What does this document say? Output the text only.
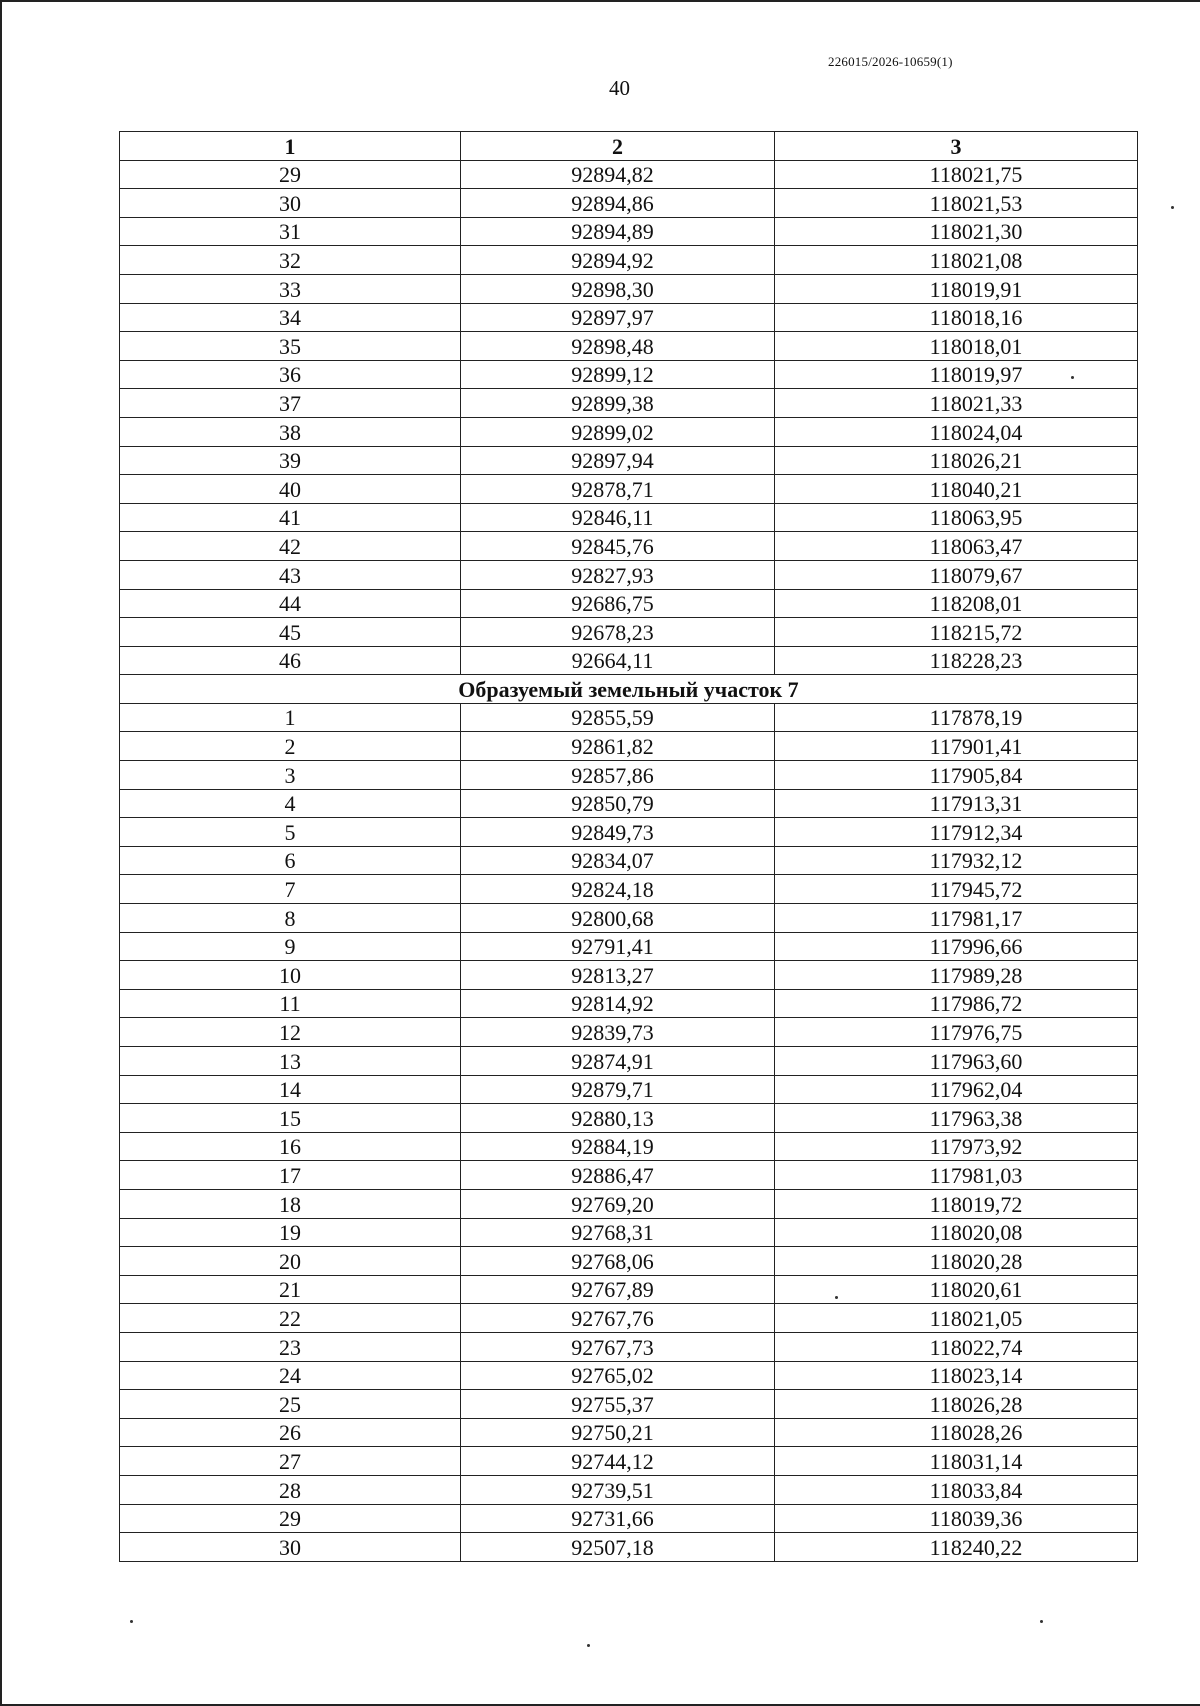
226015/2026-10659(1)
40
1	2	3
29	92894,82	118021,75
30	92894,86	118021,53
31	92894,89	118021,30
32	92894,92	118021,08
33	92898,30	118019,91
34	92897,97	118018,16
35	92898,48	118018,01
36	92899,12	118019,97
37	92899,38	118021,33
38	92899,02	118024,04
39	92897,94	118026,21
40	92878,71	118040,21
41	92846,11	118063,95
42	92845,76	118063,47
43	92827,93	118079,67
44	92686,75	118208,01
45	92678,23	118215,72
46	92664,11	118228,23
Образуемый земельный участок 7		
1	92855,59	117878,19
2	92861,82	117901,41
3	92857,86	117905,84
4	92850,79	117913,31
5	92849,73	117912,34
6	92834,07	117932,12
7	92824,18	117945,72
8	92800,68	117981,17
9	92791,41	117996,66
10	92813,27	117989,28
11	92814,92	117986,72
12	92839,73	117976,75
13	92874,91	117963,60
14	92879,71	117962,04
15	92880,13	117963,38
16	92884,19	117973,92
17	92886,47	117981,03
18	92769,20	118019,72
19	92768,31	118020,08
20	92768,06	118020,28
21	92767,89	118020,61
22	92767,76	118021,05
23	92767,73	118022,74
24	92765,02	118023,14
25	92755,37	118026,28
26	92750,21	118028,26
27	92744,12	118031,14
28	92739,51	118033,84
29	92731,66	118039,36
30	92507,18	118240,22
